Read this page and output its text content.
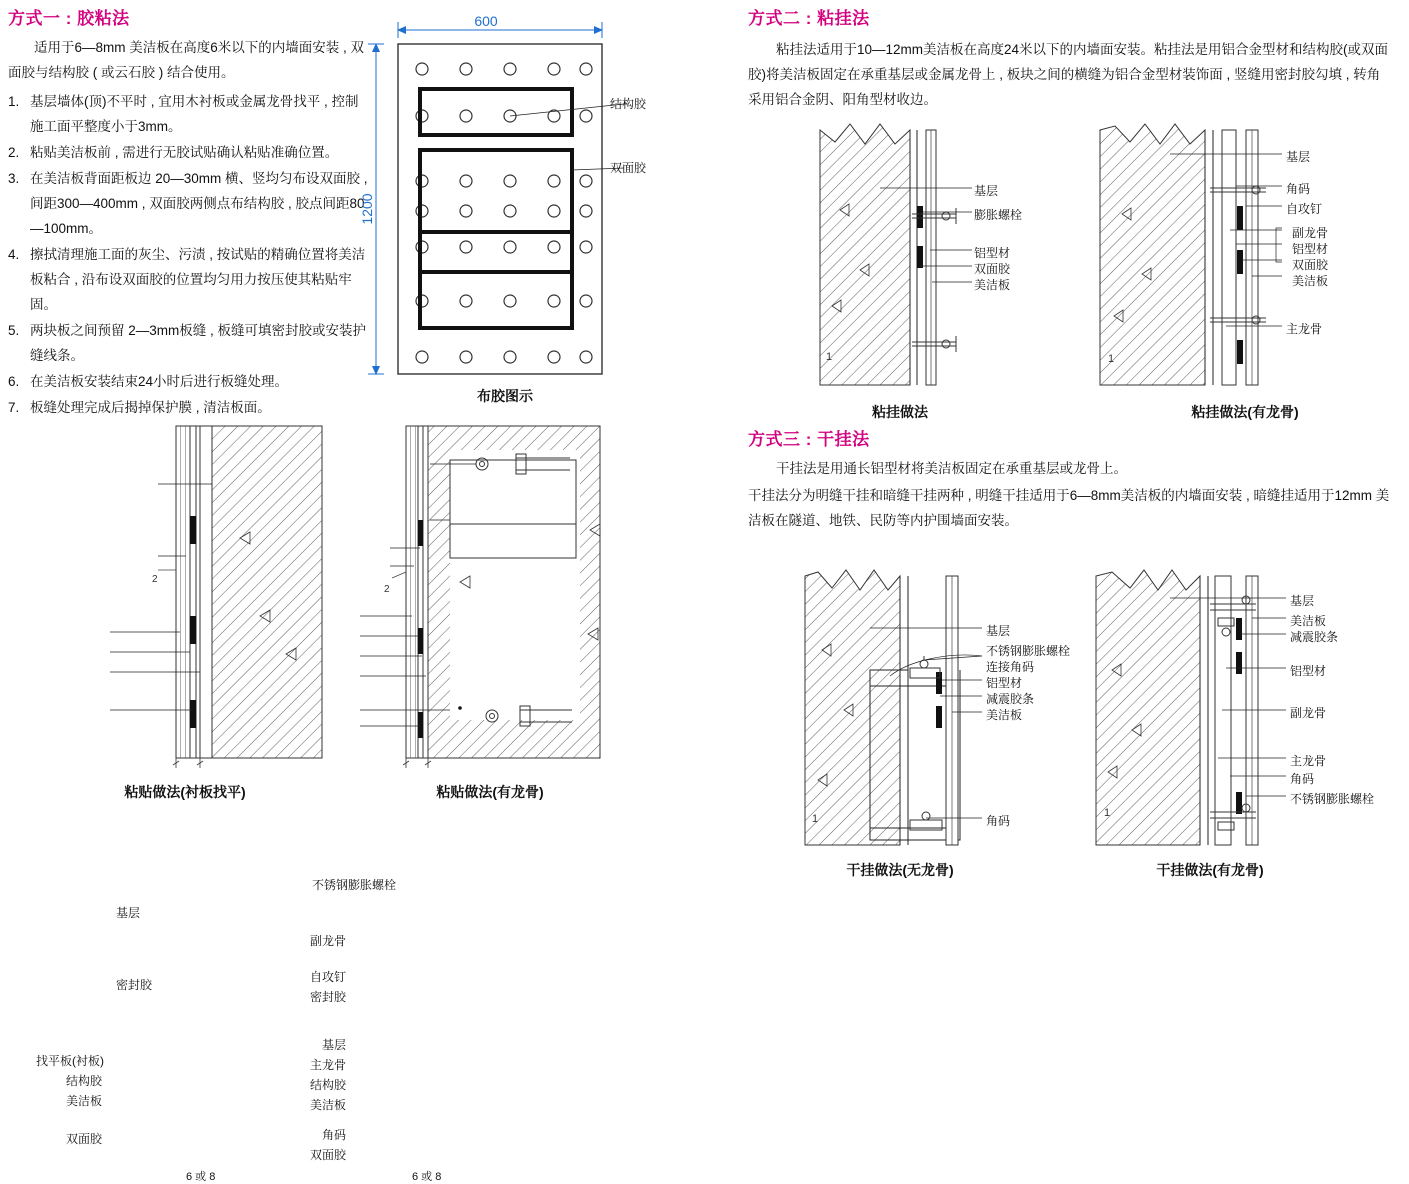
方式一 : 胶粘法
适用于6—8mm 美洁板在高度6米以下的内墙面安装 , 双面胶与结构胶 ( 或云石胶 ) 结合使用。
1. 基层墙体(顶)不平时 , 宜用木衬板或金属龙骨找平 , 控制施工面平整度小于3mm。
2. 粘贴美洁板前 , 需进行无胶试贴确认粘贴准确位置。
3. 在美洁板背面距板边 20—30mm 横、竖均匀布设双面胶 , 间距300—400mm , 双面胶两侧点布结构胶 , 胶点间距80—100mm。
4. 擦拭清理施工面的灰尘、污渍 , 按试贴的精确位置将美洁板粘合 , 沿布设双面胶的位置均匀用力按压使其粘贴牢固。
5. 两块板之间预留 2—3mm板缝 , 板缝可填密封胶或安装护缝线条。
6. 在美洁板安装结束24小时后进行板缝处理。
7. 板缝处理完成后揭掉保护膜 , 清洁板面。
600
1200
结构胶
双面胶
布胶图示
方式二 : 粘挂法
粘挂法适用于10—12mm美洁板在高度24米以下的内墙面安装。粘挂法是用铝合金型材和结构胶(或双面胶)将美洁板固定在承重基层或金属龙骨上 , 板块之间的横缝为铝合金型材装饰面 , 竖缝用密封胶勾填 , 转角采用铝合金阴、阳角型材收边。
1
基层
膨胀螺栓
铝型材
双面胶
美洁板
粘挂做法
1
基层
角码
自攻钉
副龙骨
铝型材
双面胶
美洁板
主龙骨
粘挂做法(有龙骨)
方式三 : 干挂法
干挂法是用通长铝型材将美洁板固定在承重基层或龙骨上。
干挂法分为明缝干挂和暗缝干挂两种 , 明缝干挂适用于6—8mm美洁板的内墙面安装 , 暗缝挂适用于12mm 美洁板在隧道、地铁、民防等内护围墙面安装。
2
基层
密封胶
找平板(衬板)
结构胶
美洁板
双面胶
6 或 8
粘贴做法(衬板找平)
2
不锈钢膨胀螺栓
副龙骨
自攻钉
密封胶
基层
主龙骨
结构胶
美洁板
角码
双面胶
6 或 8
粘贴做法(有龙骨)
1
基层
不锈钢膨胀螺栓
连接角码
铝型材
减震胶条
美洁板
角码
干挂做法(无龙骨)
1
基层
美洁板
减震胶条
铝型材
副龙骨
主龙骨
角码
不锈钢膨胀螺栓
干挂做法(有龙骨)
